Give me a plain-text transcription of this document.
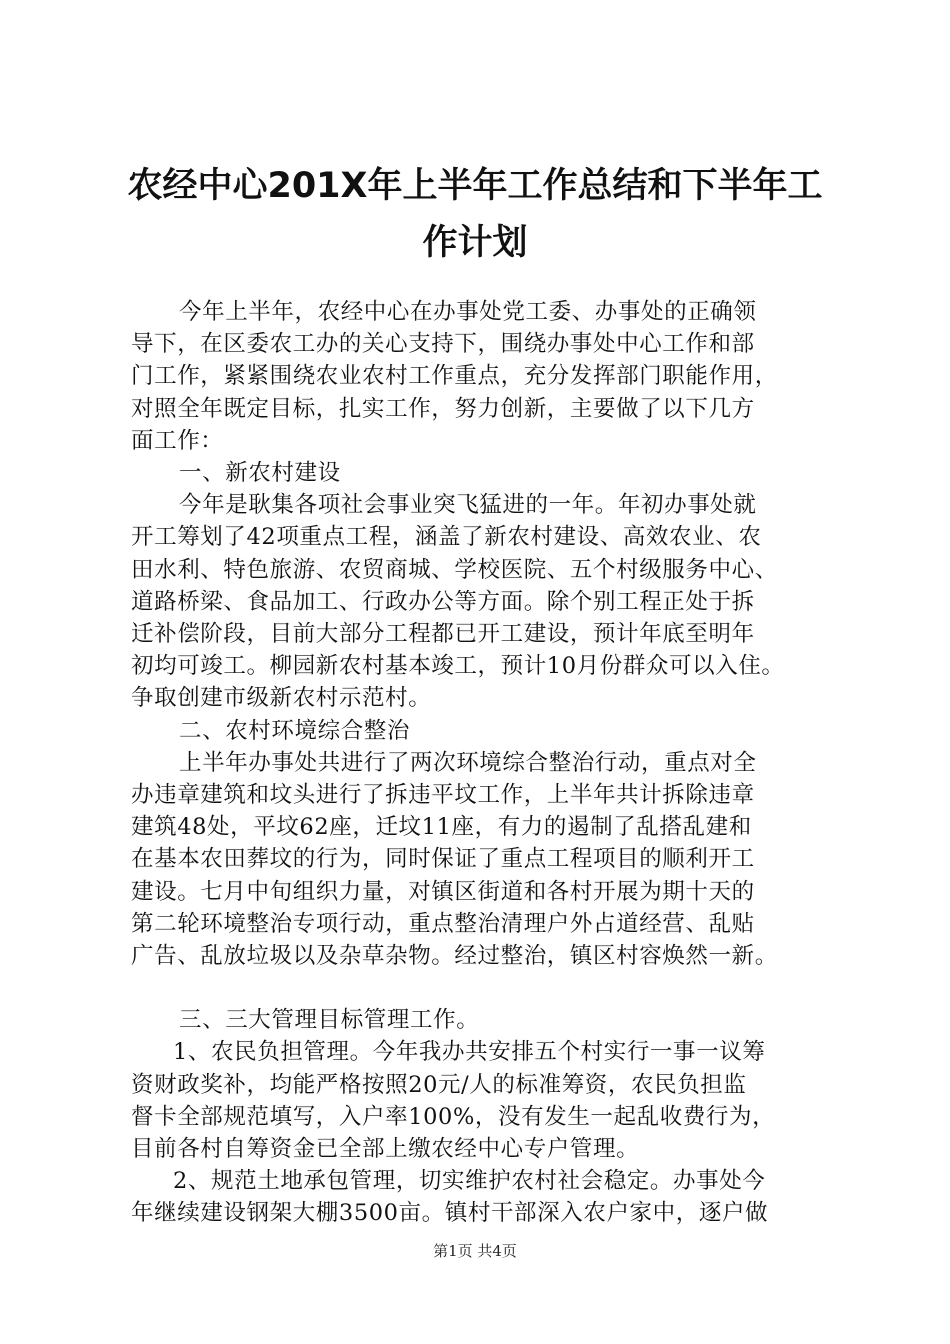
农经中心201X年上半年工作总结和下半年工
作计划
今年上半年，农经中心在办事处党工委、办事处的正确领
导下，在区委农工办的关心支持下，围绕办事处中心工作和部
门工作，紧紧围绕农业农村工作重点，充分发挥部门职能作用，
对照全年既定目标，扎实工作，努力创新，主要做了以下几方
面工作：
一、新农村建设
今年是耿集各项社会事业突飞猛进的一年。年初办事处就
开工筹划了42项重点工程，涵盖了新农村建设、高效农业、农
田水利、特色旅游、农贸商城、学校医院、五个村级服务中心、
道路桥梁、食品加工、行政办公等方面。除个别工程正处于拆
迁补偿阶段，目前大部分工程都已开工建设，预计年底至明年
初均可竣工。柳园新农村基本竣工，预计10月份群众可以入住。
争取创建市级新农村示范村。
二、农村环境综合整治
上半年办事处共进行了两次环境综合整治行动，重点对全
办违章建筑和坟头进行了拆违平坟工作，上半年共计拆除违章
建筑48处，平坟62座，迁坟11座，有力的遏制了乱搭乱建和
在基本农田葬坟的行为，同时保证了重点工程项目的顺利开工
建设。七月中旬组织力量，对镇区街道和各村开展为期十天的
第二轮环境整治专项行动，重点整治清理户外占道经营、乱贴
广告、乱放垃圾以及杂草杂物。经过整治，镇区村容焕然一新。
三、三大管理目标管理工作。
1、农民负担管理。今年我办共安排五个村实行一事一议筹
资财政奖补，均能严格按照20元/人的标准筹资，农民负担监
督卡全部规范填写，入户率100%，没有发生一起乱收费行为，
目前各村自筹资金已全部上缴农经中心专户管理。
2、规范土地承包管理，切实维护农村社会稳定。办事处今
年继续建设钢架大棚3500亩。镇村干部深入农户家中，逐户做
第1页 共4页
